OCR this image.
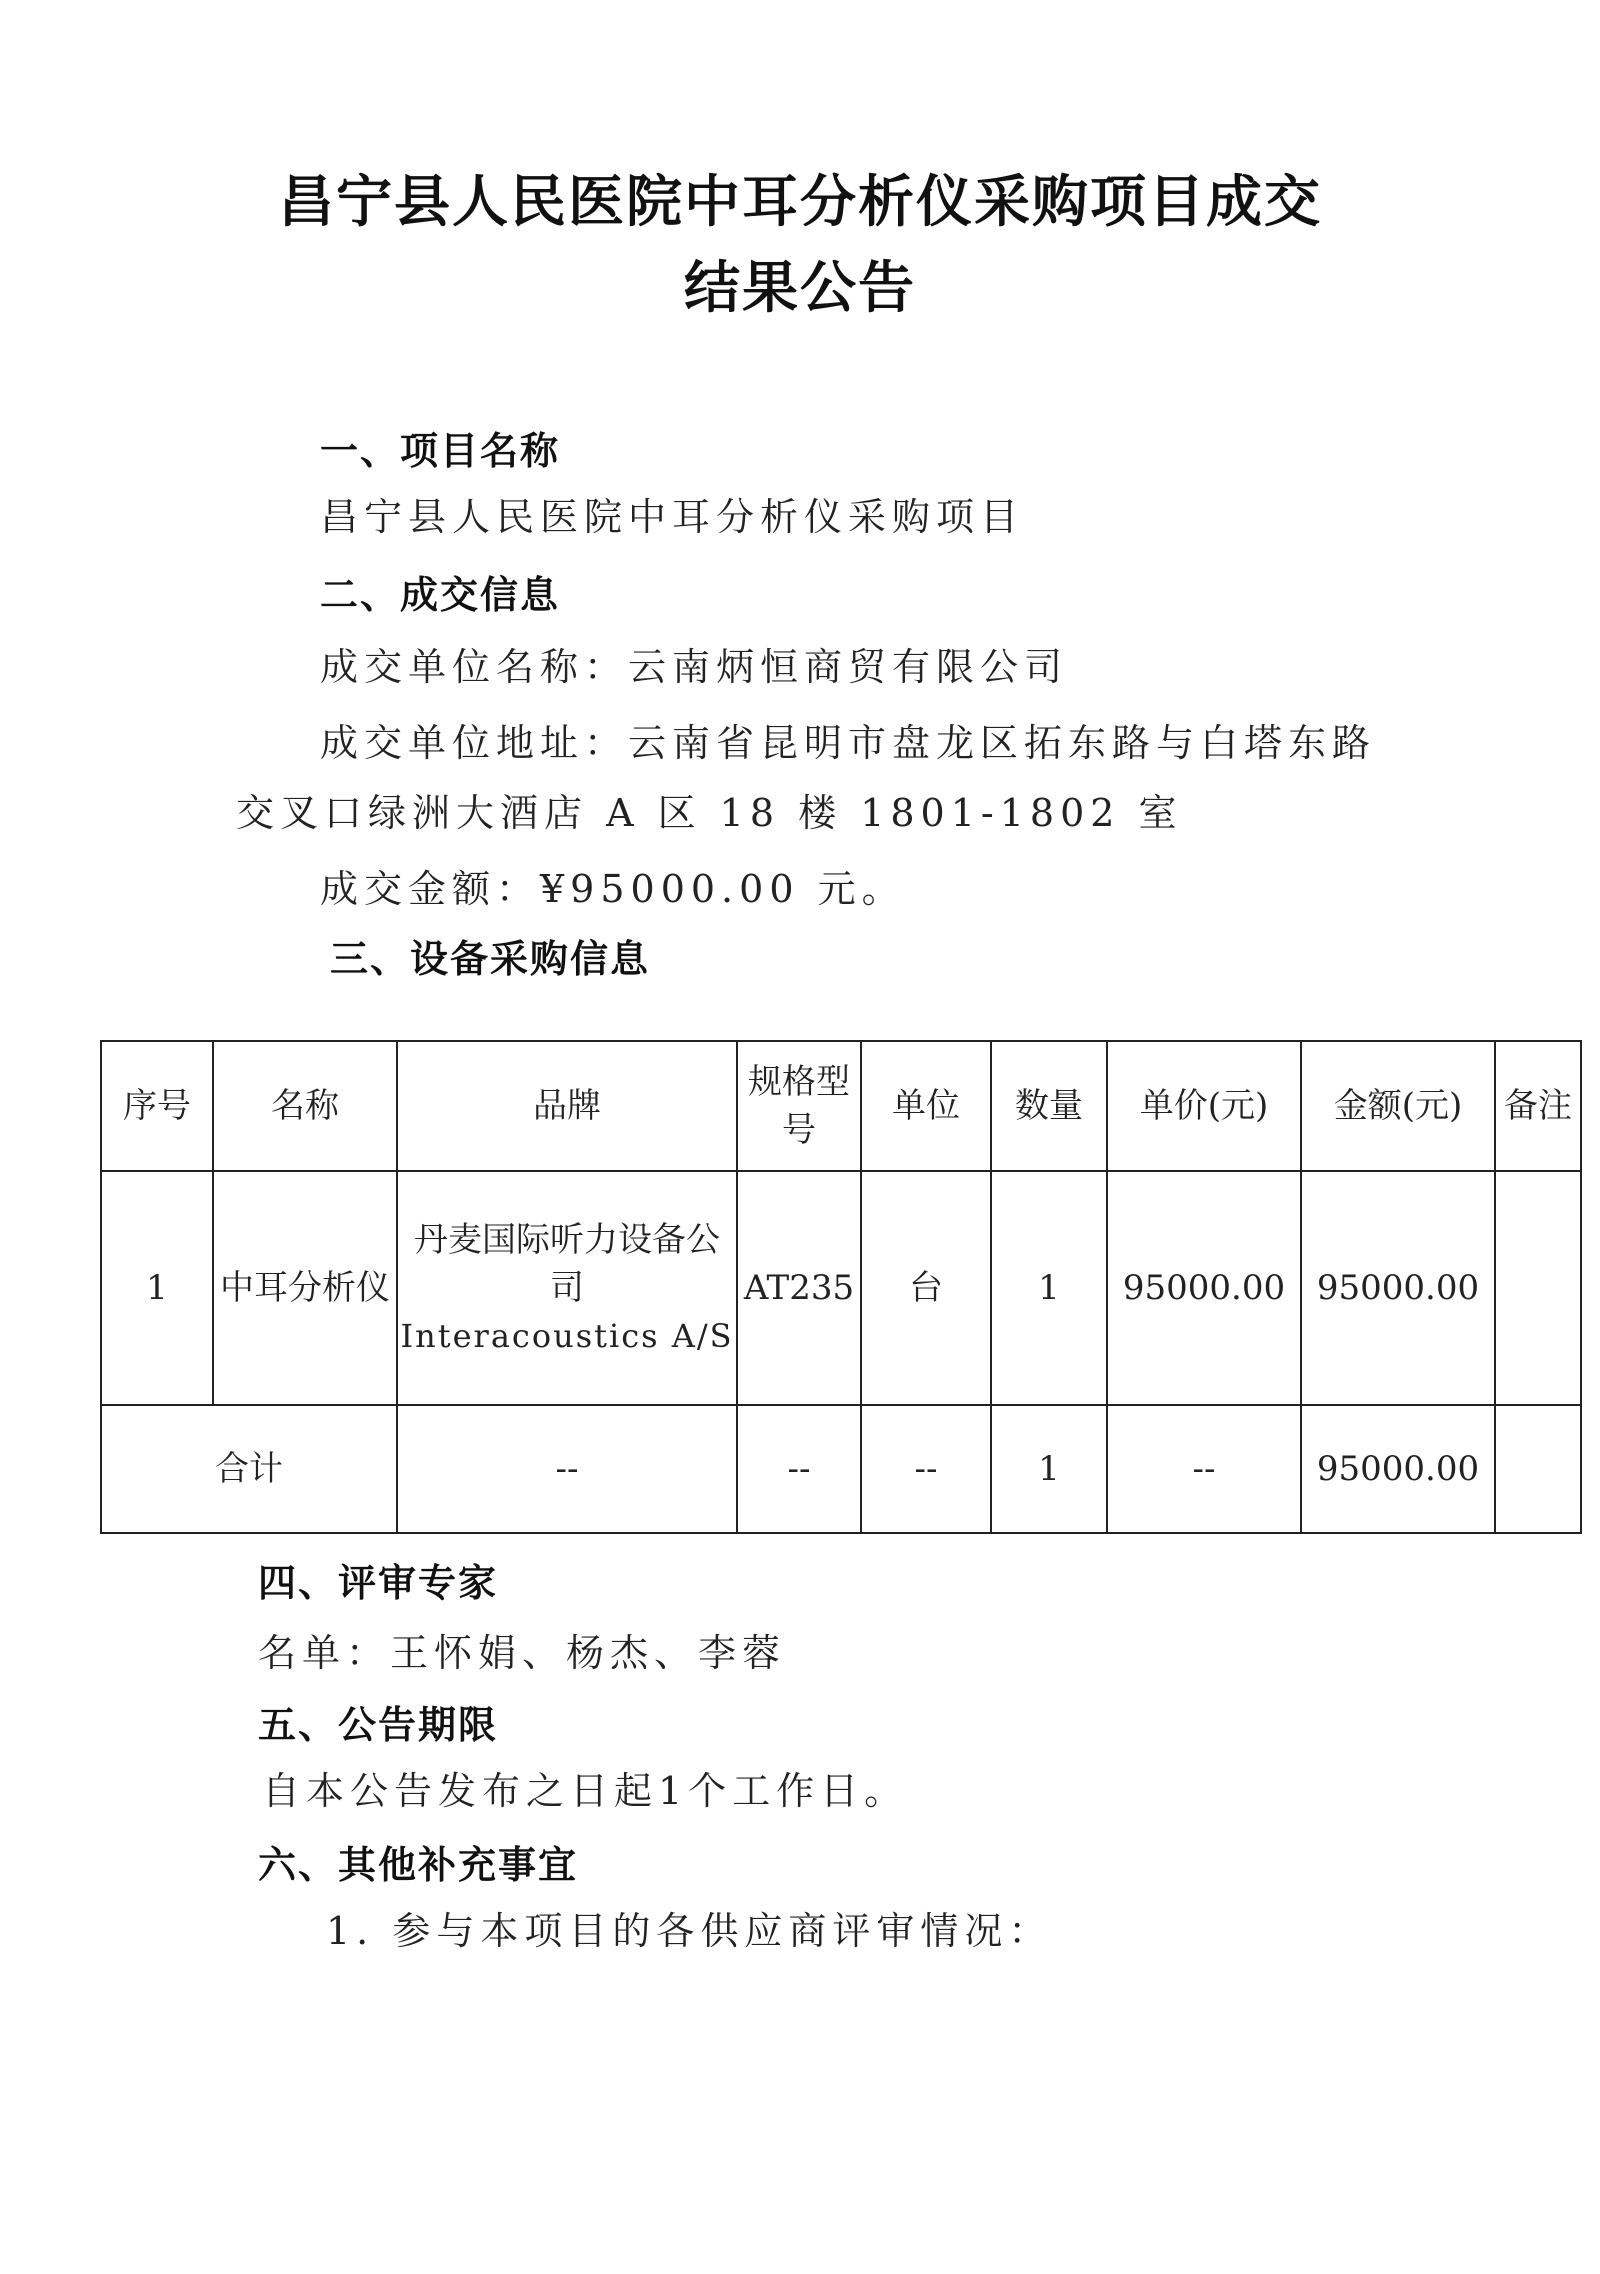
昌宁县人民医院中耳分析仪采购项目成交
结果公告
一、项目名称
昌宁县人民医院中耳分析仪采购项目
二、成交信息
成交单位名称：云南炳恒商贸有限公司
成交单位地址：云南省昆明市盘龙区拓东路与白塔东路
交叉口绿洲大酒店 A 区 18 楼 1801-1802 室
成交金额：¥95000.00 元。
三、设备采购信息
序号	名称	品牌	规格型号	单位	数量	单价(元)	金额(元)	备注
1	中耳分析仪	丹麦国际听力设备公司
Interacoustics A/S	AT235	台	1	95000.00	95000.00	
合计		--	--	--	1	--	95000.00	
四、评审专家
名单：王怀娟、杨杰、李蓉
五、公告期限
自本公告发布之日起1个工作日。
六、其他补充事宜
1. 参与本项目的各供应商评审情况：
